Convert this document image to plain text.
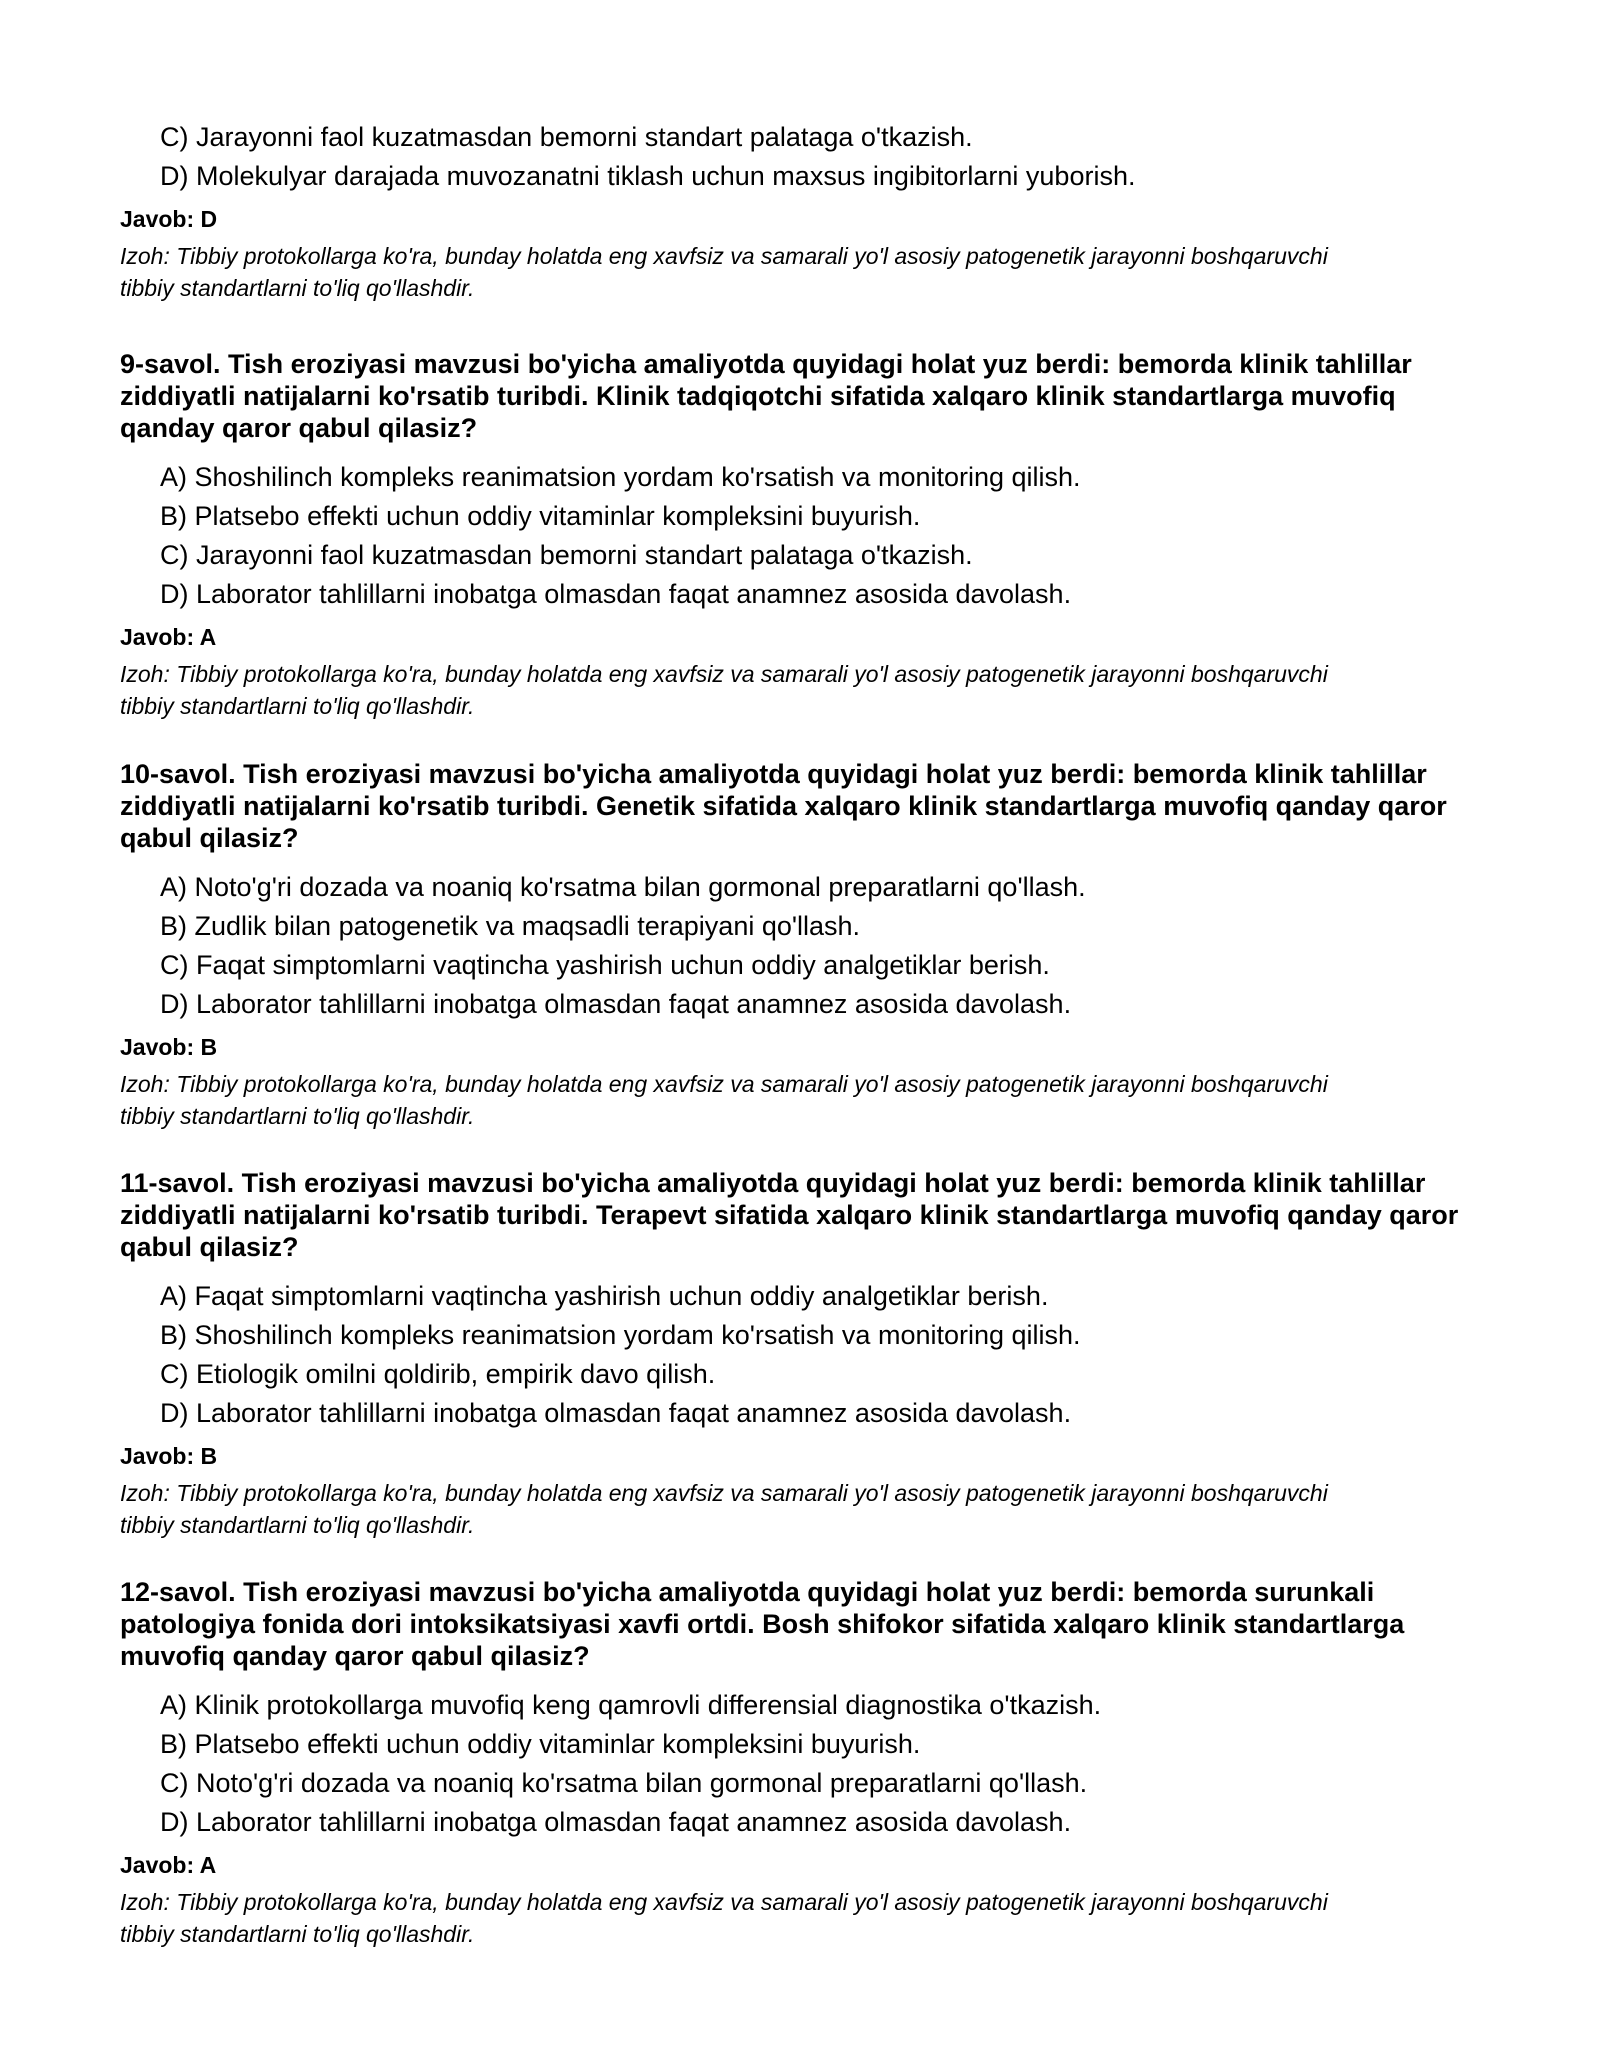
C) Jarayonni faol kuzatmasdan bemorni standart palataga o'tkazish.
D) Molekulyar darajada muvozanatni tiklash uchun maxsus ingibitorlarni yuborish.

Javob: D

Izoh: Tibbiy protokollarga ko'ra, bunday holatda eng xavfsiz va samarali yo'l asosiy patogenetik jarayonni boshqaruvchi tibbiy standartlarni to'liq qo'llashdir.

9-savol. Tish eroziyasi mavzusi bo'yicha amaliyotda quyidagi holat yuz berdi: bemorda klinik tahlillar ziddiyatli natijalarni ko'rsatib turibdi. Klinik tadqiqotchi sifatida xalqaro klinik standartlarga muvofiq qanday qaror qabul qilasiz?

A) Shoshilinch kompleks reanimatsion yordam ko'rsatish va monitoring qilish.
B) Platsebo effekti uchun oddiy vitaminlar kompleksini buyurish.
C) Jarayonni faol kuzatmasdan bemorni standart palataga o'tkazish.
D) Laborator tahlillarni inobatga olmasdan faqat anamnez asosida davolash.

Javob: A

Izoh: Tibbiy protokollarga ko'ra, bunday holatda eng xavfsiz va samarali yo'l asosiy patogenetik jarayonni boshqaruvchi tibbiy standartlarni to'liq qo'llashdir.

10-savol. Tish eroziyasi mavzusi bo'yicha amaliyotda quyidagi holat yuz berdi: bemorda klinik tahlillar ziddiyatli natijalarni ko'rsatib turibdi. Genetik sifatida xalqaro klinik standartlarga muvofiq qanday qaror qabul qilasiz?

A) Noto'g'ri dozada va noaniq ko'rsatma bilan gormonal preparatlarni qo'llash.
B) Zudlik bilan patogenetik va maqsadli terapiyani qo'llash.
C) Faqat simptomlarni vaqtincha yashirish uchun oddiy analgetiklar berish.
D) Laborator tahlillarni inobatga olmasdan faqat anamnez asosida davolash.

Javob: B

Izoh: Tibbiy protokollarga ko'ra, bunday holatda eng xavfsiz va samarali yo'l asosiy patogenetik jarayonni boshqaruvchi tibbiy standartlarni to'liq qo'llashdir.

11-savol. Tish eroziyasi mavzusi bo'yicha amaliyotda quyidagi holat yuz berdi: bemorda klinik tahlillar ziddiyatli natijalarni ko'rsatib turibdi. Terapevt sifatida xalqaro klinik standartlarga muvofiq qanday qaror qabul qilasiz?

A) Faqat simptomlarni vaqtincha yashirish uchun oddiy analgetiklar berish.
B) Shoshilinch kompleks reanimatsion yordam ko'rsatish va monitoring qilish.
C) Etiologik omilni qoldirib, empirik davo qilish.
D) Laborator tahlillarni inobatga olmasdan faqat anamnez asosida davolash.

Javob: B

Izoh: Tibbiy protokollarga ko'ra, bunday holatda eng xavfsiz va samarali yo'l asosiy patogenetik jarayonni boshqaruvchi tibbiy standartlarni to'liq qo'llashdir.

12-savol. Tish eroziyasi mavzusi bo'yicha amaliyotda quyidagi holat yuz berdi: bemorda surunkali patologiya fonida dori intoksikatsiyasi xavfi ortdi. Bosh shifokor sifatida xalqaro klinik standartlarga muvofiq qanday qaror qabul qilasiz?

A) Klinik protokollarga muvofiq keng qamrovli differensial diagnostika o'tkazish.
B) Platsebo effekti uchun oddiy vitaminlar kompleksini buyurish.
C) Noto'g'ri dozada va noaniq ko'rsatma bilan gormonal preparatlarni qo'llash.
D) Laborator tahlillarni inobatga olmasdan faqat anamnez asosida davolash.

Javob: A

Izoh: Tibbiy protokollarga ko'ra, bunday holatda eng xavfsiz va samarali yo'l asosiy patogenetik jarayonni boshqaruvchi tibbiy standartlarni to'liq qo'llashdir.
